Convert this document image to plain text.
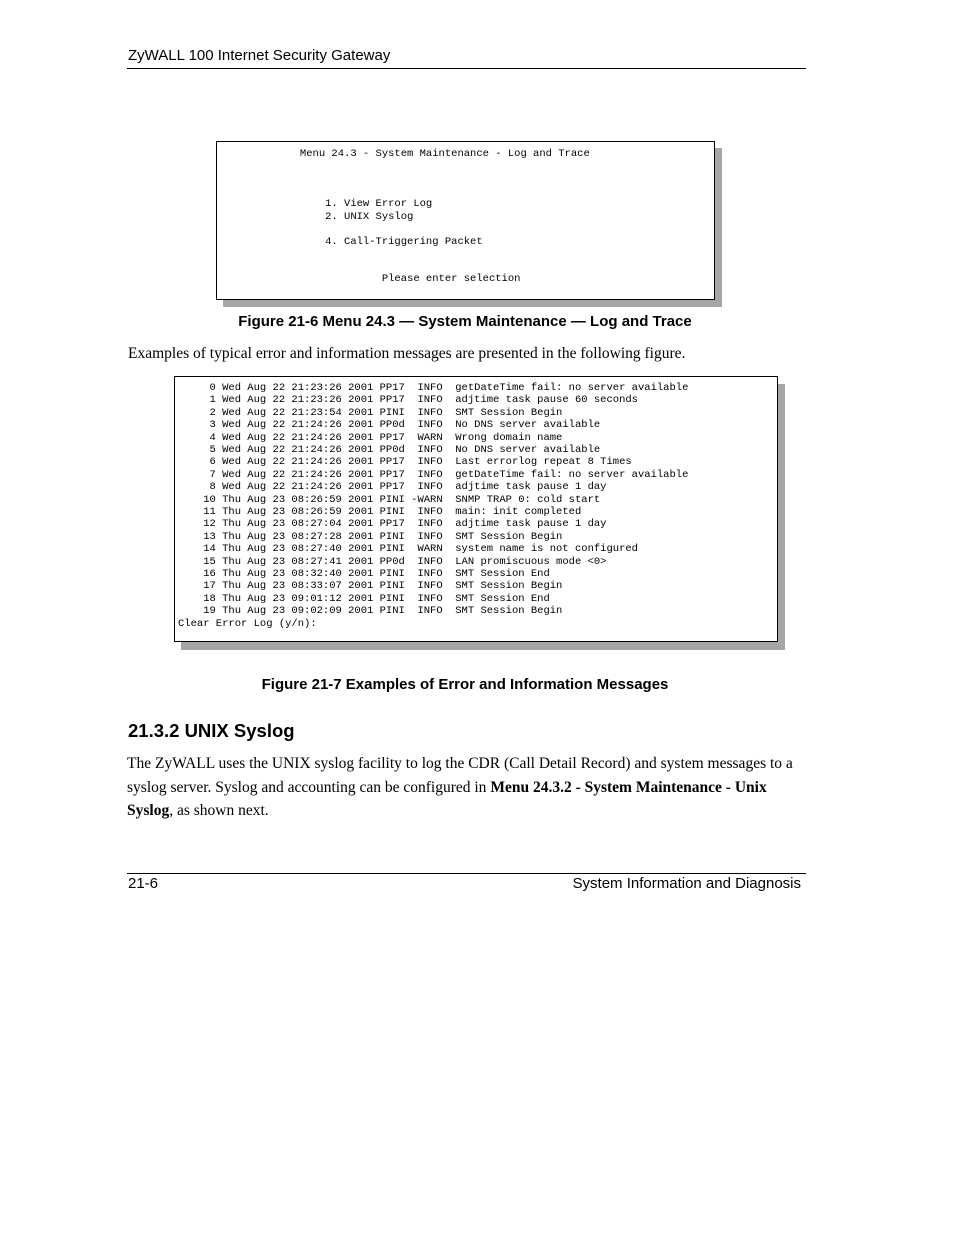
ZyWALL 100 Internet Security Gateway
Menu 24.3 - System Maintenance - Log and Trace
1. View Error Log
2. UNIX Syslog
4. Call-Triggering Packet
Please enter selection
Figure 21-6 Menu 24.3 — System Maintenance — Log and Trace
Examples of typical error and information messages are presented in the following figure.
0 Wed Aug 22 21:23:26 2001 PP17  INFO  getDateTime fail: no server available
1 Wed Aug 22 21:23:26 2001 PP17  INFO  adjtime task pause 60 seconds
2 Wed Aug 22 21:23:54 2001 PINI  INFO  SMT Session Begin
3 Wed Aug 22 21:24:26 2001 PP0d  INFO  No DNS server available
4 Wed Aug 22 21:24:26 2001 PP17  WARN  Wrong domain name
5 Wed Aug 22 21:24:26 2001 PP0d  INFO  No DNS server available
6 Wed Aug 22 21:24:26 2001 PP17  INFO  Last errorlog repeat 8 Times
7 Wed Aug 22 21:24:26 2001 PP17  INFO  getDateTime fail: no server available
8 Wed Aug 22 21:24:26 2001 PP17  INFO  adjtime task pause 1 day
10 Thu Aug 23 08:26:59 2001 PINI -WARN  SNMP TRAP 0: cold start
11 Thu Aug 23 08:26:59 2001 PINI  INFO  main: init completed
12 Thu Aug 23 08:27:04 2001 PP17  INFO  adjtime task pause 1 day
13 Thu Aug 23 08:27:28 2001 PINI  INFO  SMT Session Begin
14 Thu Aug 23 08:27:40 2001 PINI  WARN  system name is not configured
15 Thu Aug 23 08:27:41 2001 PP0d  INFO  LAN promiscuous mode <0>
16 Thu Aug 23 08:32:40 2001 PINI  INFO  SMT Session End
17 Thu Aug 23 08:33:07 2001 PINI  INFO  SMT Session Begin
18 Thu Aug 23 09:01:12 2001 PINI  INFO  SMT Session End
19 Thu Aug 23 09:02:09 2001 PINI  INFO  SMT Session Begin
Clear Error Log (y/n):
Figure 21-7 Examples of Error and Information Messages
21.3.2 UNIX Syslog
The ZyWALL uses the UNIX syslog facility to log the CDR (Call Detail Record) and system messages to a syslog server. Syslog and accounting can be configured in Menu 24.3.2 - System Maintenance - Unix Syslog, as shown next.
21-6	System Information and Diagnosis
